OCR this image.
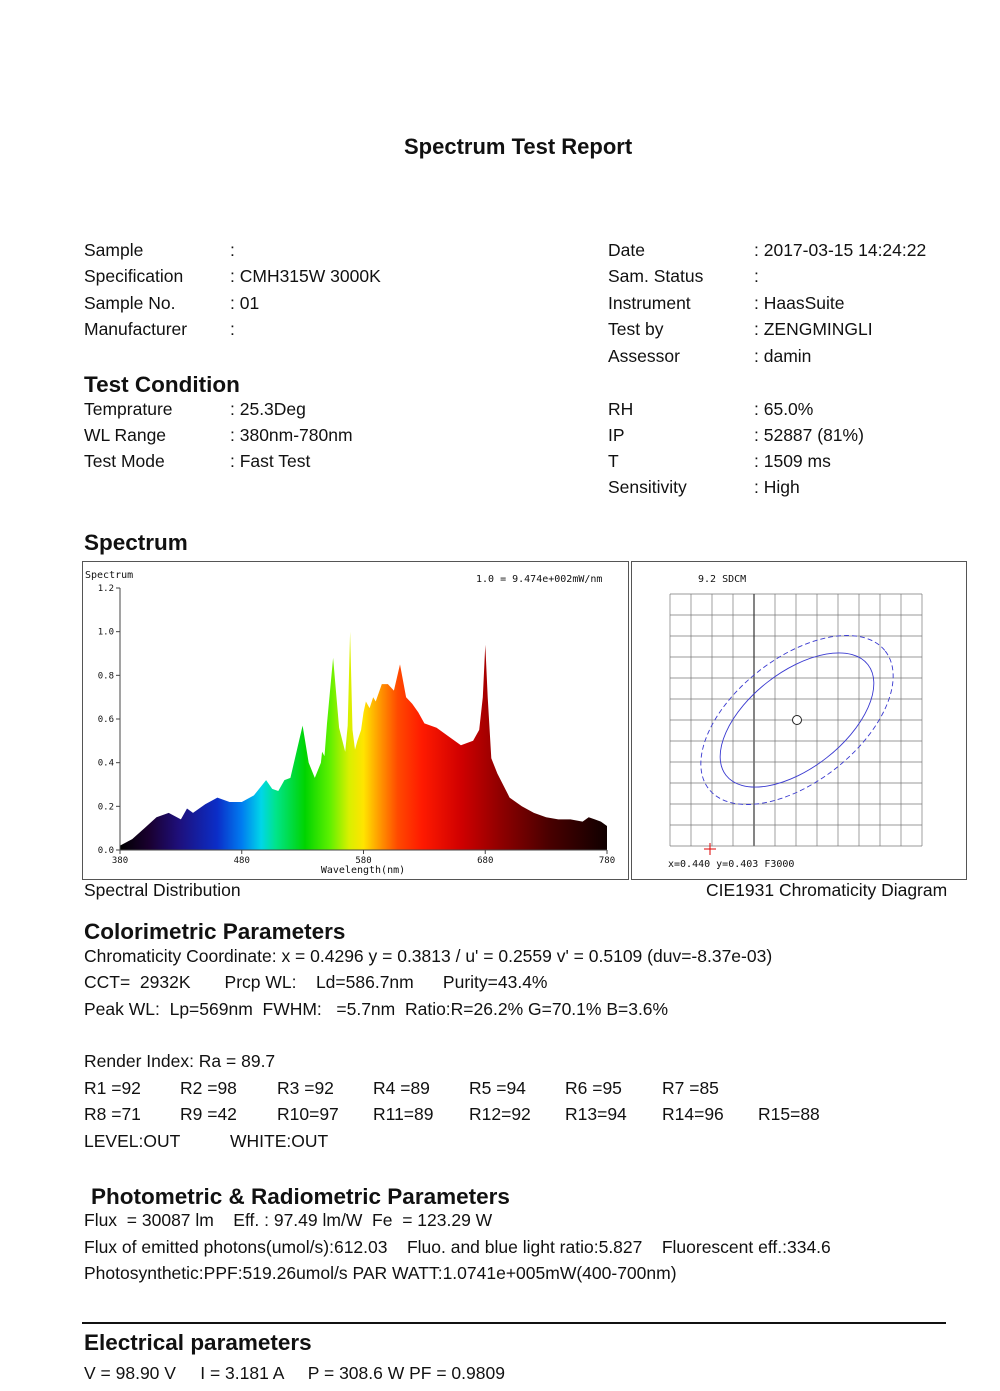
Spectrum Test Report
Sample	:
Specification	: CMH315W 3000K
Sample No.	: 01
Manufacturer :
Date	: 2017-03-15 14:24:22
Sam. Status	:
Instrument	: HaasSuite
Test by	: ZENGMINGLI
Assessor	: damin
Test Condition
Temprature	: 25.3Deg
WL Range	: 380nm-780nm
Test Mode	: Fast Test
RH	: 65.0%
IP	: 52887 (81%)
T	: 1509 ms
Sensitivity	: High
Spectrum
0.0
0.2
0.4
0.6
0.8
1.0
1.2
380	480	580	680	780
Spectrum	1.0 = 9.474e+002mW/nm
Wavelength(nm)
9.2 SDCM
x=0.440 y=0.403 F3000
Spectral Distribution	CIE1931 Chromaticity Diagram
Colorimetric Parameters
Chromaticity Coordinate: x = 0.4296 y = 0.3813 / u' = 0.2559 v' = 0.5109 (duv=-8.37e-03)
CCT=  2932K       Prcp WL:    Ld=586.7nm      Purity=43.4%
Peak WL:  Lp=569nm  FWHM:   =5.7nm  Ratio:R=26.2% G=70.1% B=3.6%
Render Index: Ra = 89.7
R1 =92 R2 =98 R3 =92 R4 =89 R5 =94 R6 =95 R7 =85
R8 =71 R9 =42 R10=97 R11=89 R12=92 R13=94 R14=96 R15=88
LEVEL:OUT	WHITE:OUT
Photometric & Radiometric Parameters
Flux  = 30087 lm    Eff. : 97.49 lm/W  Fe  = 123.29 W
Flux of emitted photons(umol/s):612.03    Fluo. and blue light ratio:5.827    Fluorescent eff.:334.6
Photosynthetic:PPF:519.26umol/s PAR WATT:1.0741e+005mW(400-700nm)
Electrical parameters
V = 98.90 V     I = 3.181 A     P = 308.6 W PF = 0.9809
